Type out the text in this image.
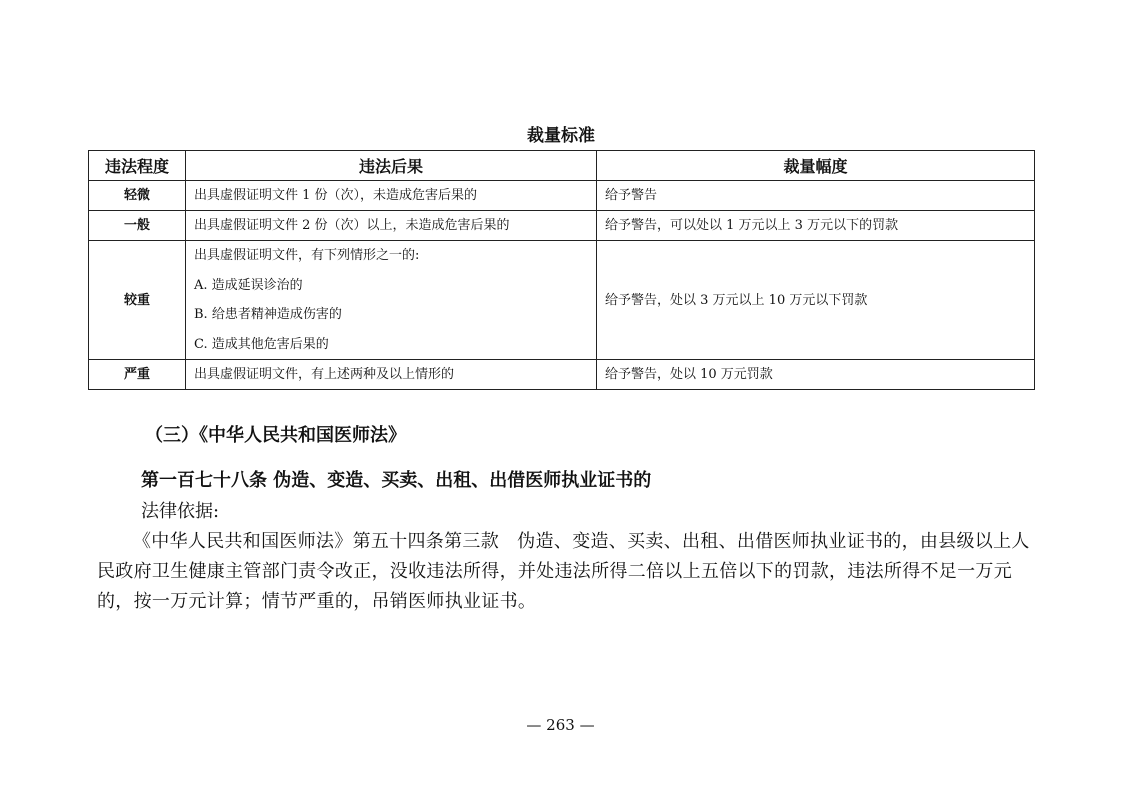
裁量标准
违法程度	违法后果	裁量幅度
轻微	出具虚假证明文件 1 份（次），未造成危害后果的	给予警告
一般	出具虚假证明文件 2 份（次）以上，未造成危害后果的	给予警告，可以处以 1 万元以上 3 万元以下的罚款
较重	出具虚假证明文件，有下列情形之一的:
A. 造成延误诊治的
B. 给患者精神造成伤害的
C. 造成其他危害后果的	给予警告，处以 3 万元以上 10 万元以下罚款
严重	出具虚假证明文件，有上述两种及以上情形的	给予警告，处以 10 万元罚款
（三）《中华人民共和国医师法》
第一百七十八条 伪造、变造、买卖、出租、出借医师执业证书的
法律依据:
《中华人民共和国医师法》第五十四条第三款　伪造、变造、买卖、出租、出借医师执业证书的，由县级以上人民政府卫生健康主管部门责令改正，没收违法所得，并处违法所得二倍以上五倍以下的罚款，违法所得不足一万元的，按一万元计算；情节严重的，吊销医师执业证书。
— 263 —
